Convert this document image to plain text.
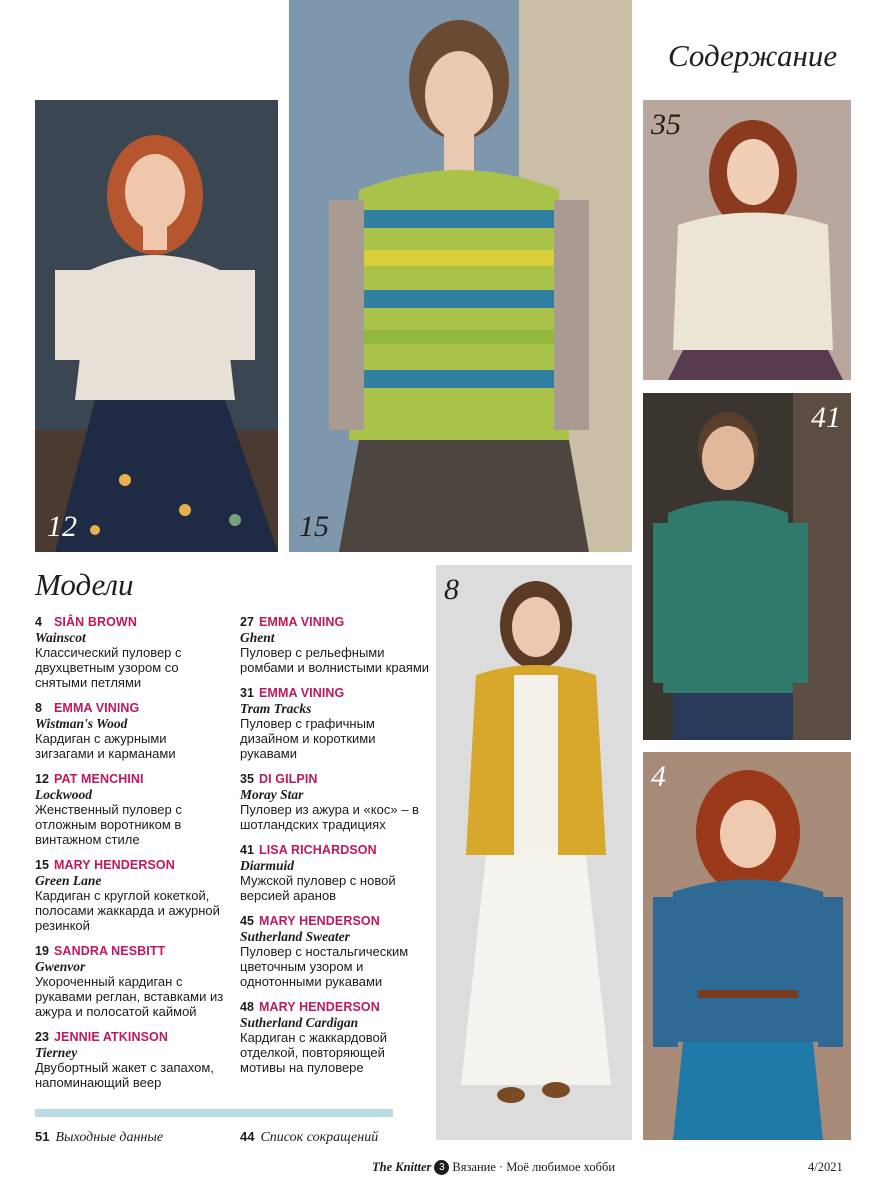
Содержание
12	15
35
41
8
4
Модели
4 SIÂN BROWN
Wainscot
Классический пуловер с двухцветным узором со снятыми петлями
8 EMMA VINING
Wistman's Wood
Кардиган с ажурными зигзагами и карманами
12 PAT MENCHINI
Lockwood
Женственный пуловер с отложным воротником в винтажном стиле
15 MARY HENDERSON
Green Lane
Кардиган с круглой кокеткой, полосами жаккарда и ажурной резинкой
19 SANDRA NESBITT
Gwenvor
Укороченный кардиган с рукавами реглан, вставками из ажура и полосатой каймой
23 JENNIE ATKINSON
Tierney
Двубортный жакет с запахом, напоминающий веер
27 EMMA VINING
Ghent
Пуловер с рельефными ромбами и волнистыми краями
31 EMMA VINING
Tram Tracks
Пуловер с графичным дизайном и короткими рукавами
35 DI GILPIN
Moray Star
Пуловер из ажура и «кос» – в шотландских традициях
41 LISA RICHARDSON
Diarmuid
Мужской пуловер с новой версией аранов
45 MARY HENDERSON
Sutherland Sweater
Пуловер с ностальгическим цветочным узором и однотонными рукавами
48 MARY HENDERSON
Sutherland Cardigan
Кардиган с жаккардовой отделкой, повторяющей мотивы на пуловере
51 Выходные данные	44 Список сокращений
The Knitter 3 Вязание · Моё любимое хобби	4/2021
